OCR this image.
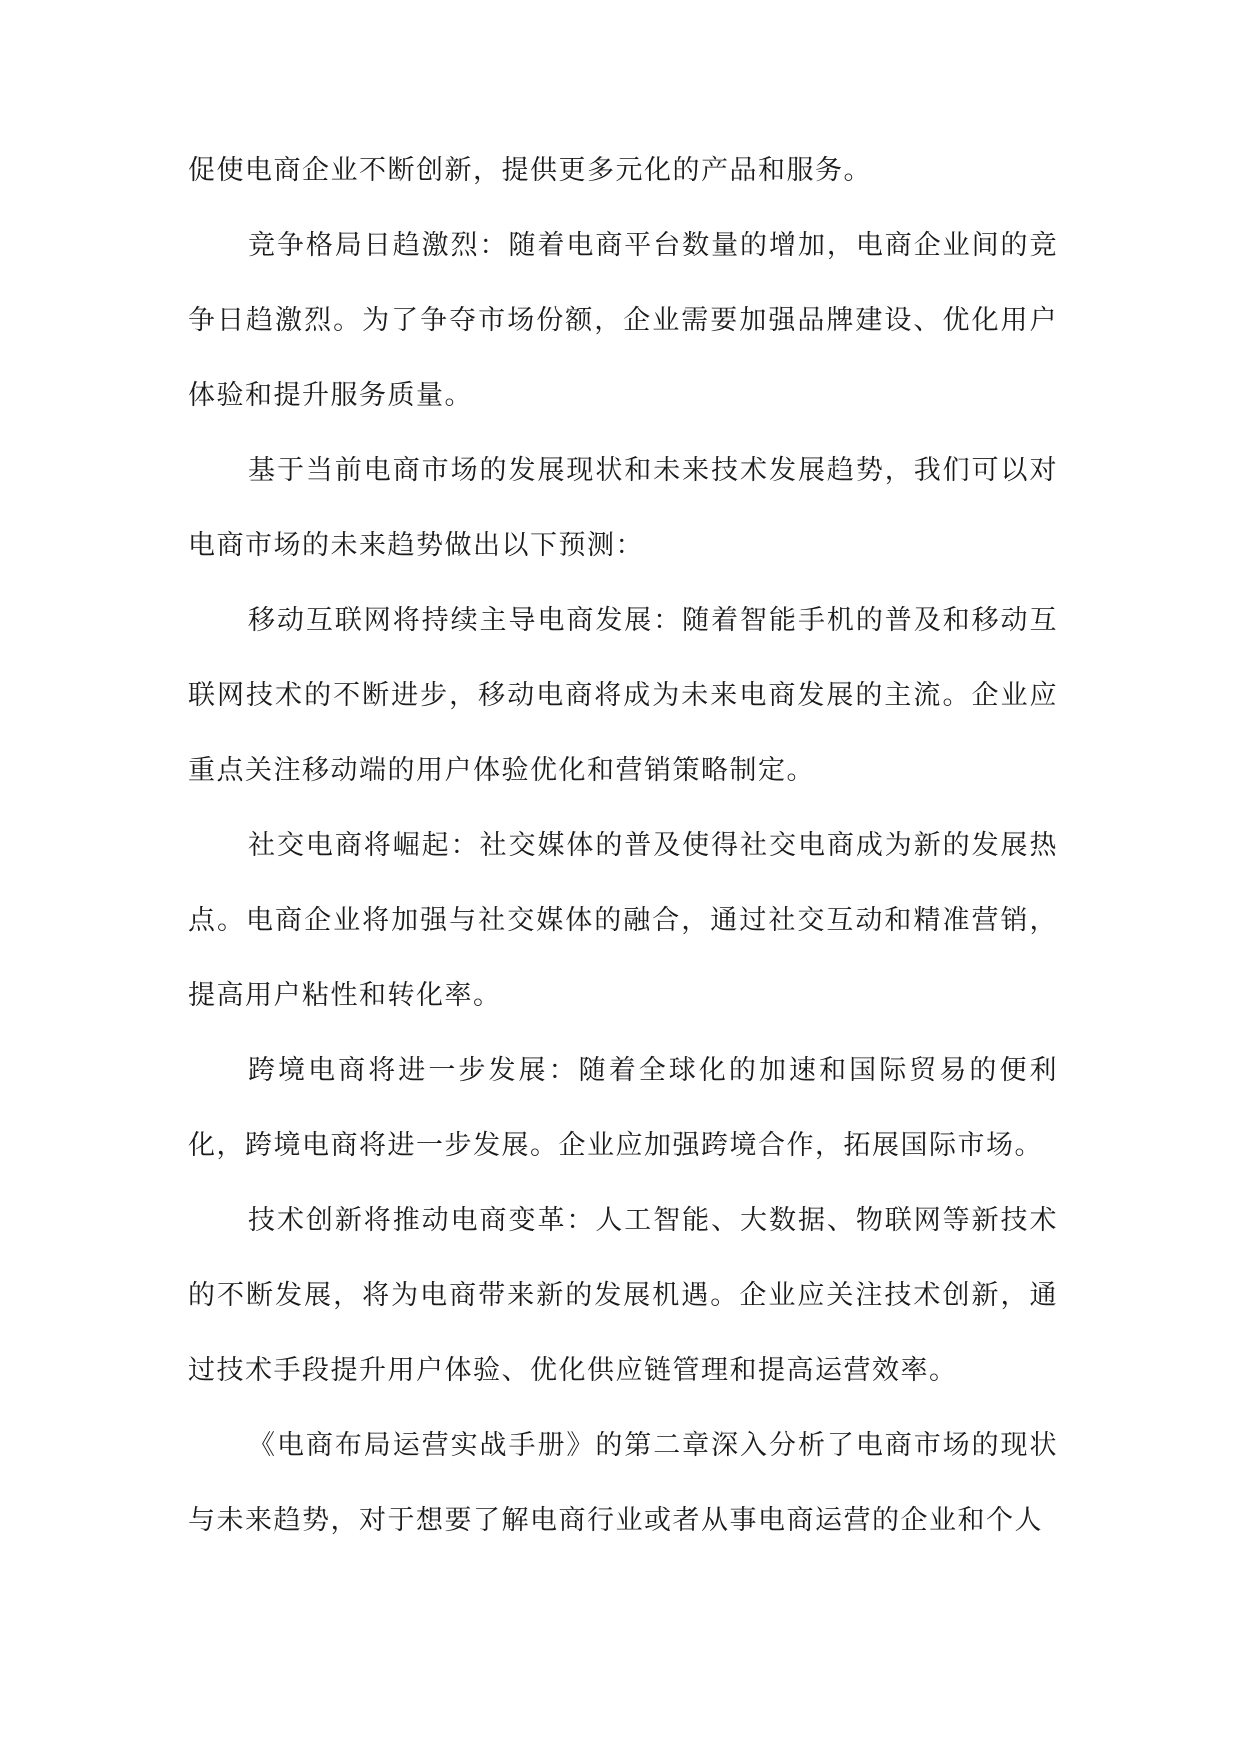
促使电商企业不断创新，提供更多元化的产品和服务。

竞争格局日趋激烈：随着电商平台数量的增加，电商企业间的竞争日趋激烈。为了争夺市场份额，企业需要加强品牌建设、优化用户体验和提升服务质量。

基于当前电商市场的发展现状和未来技术发展趋势，我们可以对电商市场的未来趋势做出以下预测：

移动互联网将持续主导电商发展：随着智能手机的普及和移动互联网技术的不断进步，移动电商将成为未来电商发展的主流。企业应重点关注移动端的用户体验优化和营销策略制定。

社交电商将崛起：社交媒体的普及使得社交电商成为新的发展热点。电商企业将加强与社交媒体的融合，通过社交互动和精准营销，提高用户粘性和转化率。

跨境电商将进一步发展：随着全球化的加速和国际贸易的便利化，跨境电商将进一步发展。企业应加强跨境合作，拓展国际市场。

技术创新将推动电商变革：人工智能、大数据、物联网等新技术的不断发展，将为电商带来新的发展机遇。企业应关注技术创新，通过技术手段提升用户体验、优化供应链管理和提高运营效率。

《电商布局运营实战手册》的第二章深入分析了电商市场的现状与未来趋势，对于想要了解电商行业或者从事电商运营的企业和个人
